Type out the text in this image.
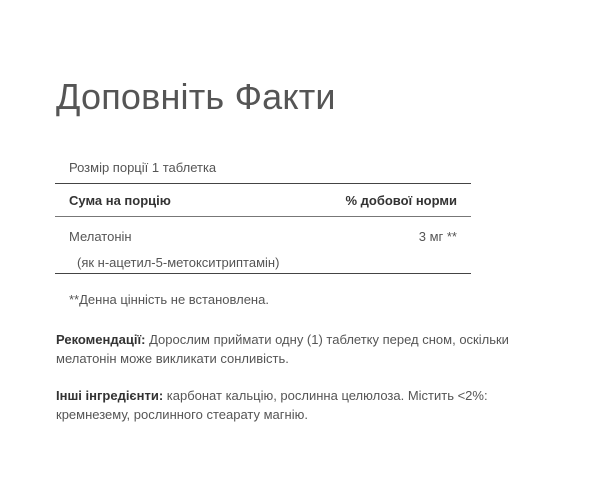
Доповніть Факти
Розмір порції 1 таблетка
Сума на порцію	% добової норми
Мелатонін	3 мг **
(як н-ацетил-5-метокситриптамін)
**Денна цінність не встановлена.

Рекомендації: Дорослим приймати одну (1) таблетку перед сном, оскільки мелатонін може викликати сонливість.

Інші інгредієнти: карбонат кальцію, рослинна целюлоза. Містить <2%: кремнезему, рослинного стеарату магнію.
